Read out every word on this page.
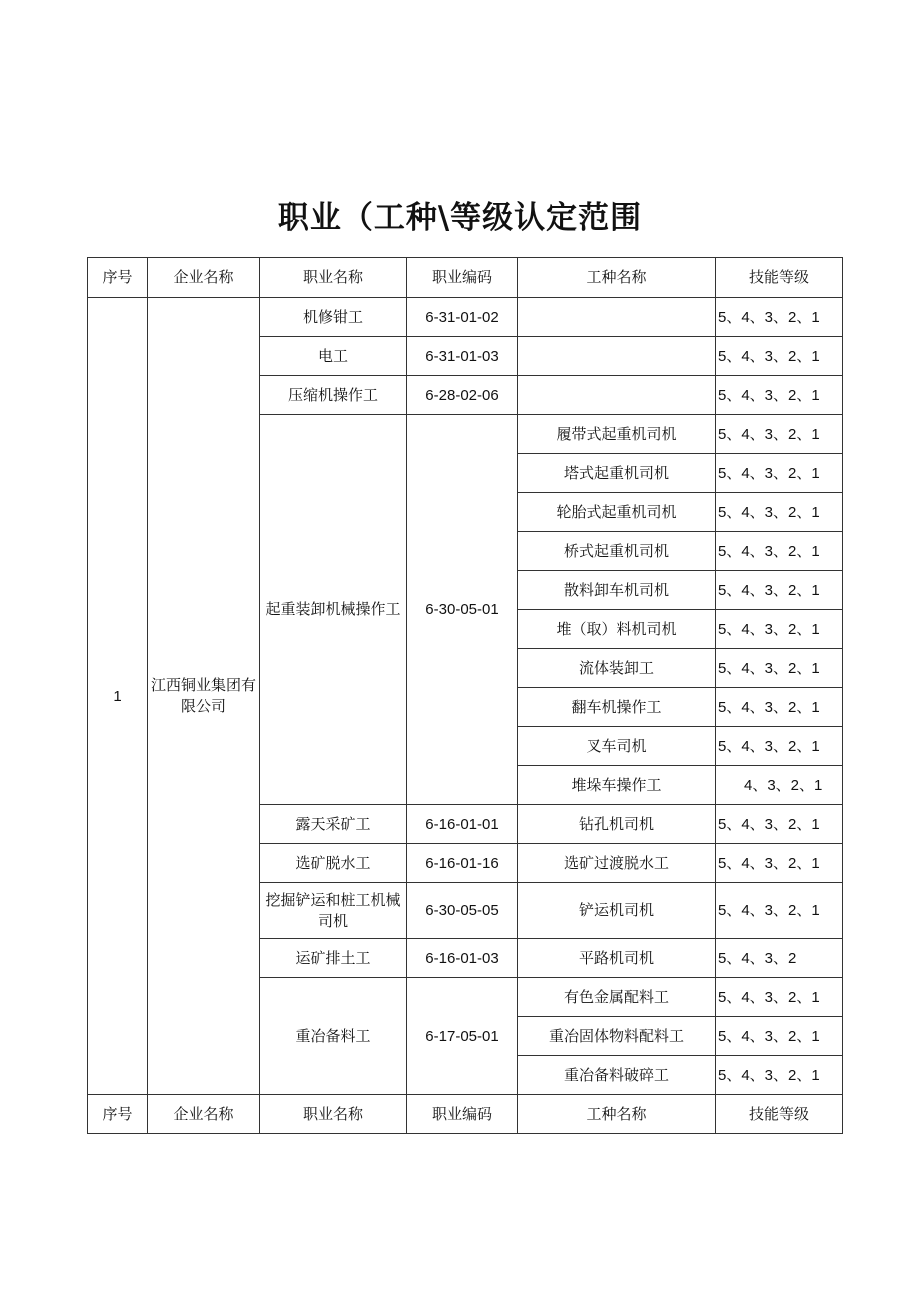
职业（工种\等级认定范围
序号	企业名称	职业名称	职业编码	工种名称	技能等级
1	江西铜业集团有限公司	机修钳工	6-31-01-02		5、4、3、2、1
		电工	6-31-01-03		5、4、3、2、1
		压缩机操作工	6-28-02-06		5、4、3、2、1
		起重装卸机械操作工	6-30-05-01	履带式起重机司机	5、4、3、2、1
				塔式起重机司机	5、4、3、2、1
				轮胎式起重机司机	5、4、3、2、1
				桥式起重机司机	5、4、3、2、1
				散料卸车机司机	5、4、3、2、1
				堆（取）料机司机	5、4、3、2、1
				流体装卸工	5、4、3、2、1
				翻车机操作工	5、4、3、2、1
				叉车司机	5、4、3、2、1
				堆垛车操作工	4、3、2、1
		露天采矿工	6-16-01-01	钻孔机司机	5、4、3、2、1
		选矿脱水工	6-16-01-16	选矿过渡脱水工	5、4、3、2、1
		挖掘铲运和桩工机械司机	6-30-05-05	铲运机司机	5、4、3、2、1
		运矿排土工	6-16-01-03	平路机司机	5、4、3、2
		重冶备料工	6-17-05-01	有色金属配料工	5、4、3、2、1
				重冶固体物料配料工	5、4、3、2、1
				重冶备料破碎工	5、4、3、2、1
序号	企业名称	职业名称	职业编码	工种名称	技能等级
